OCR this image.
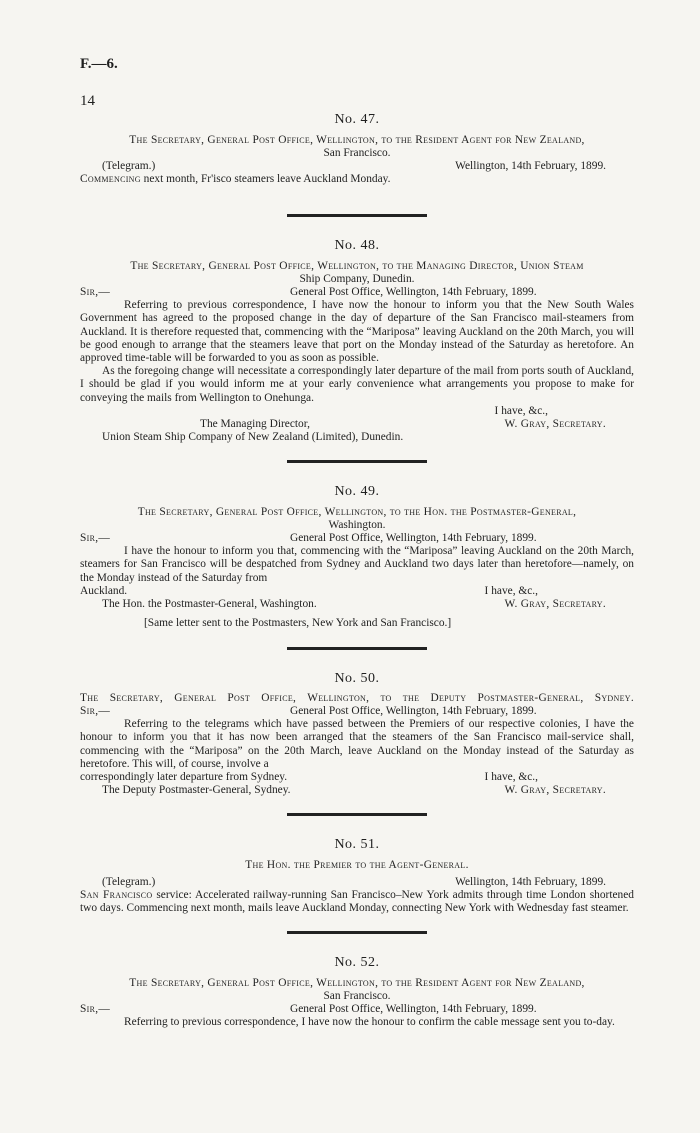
F.—6.
14
No. 47.
The Secretary, General Post Office, Wellington, to the Resident Agent for New Zealand,
San Francisco.
(Telegram.)	Wellington, 14th February, 1899.
Commencing next month, Fr'isco steamers leave Auckland Monday.
No. 48.
The Secretary, General Post Office, Wellington, to the Managing Director, Union Steam
Ship Company, Dunedin.
Sir,—	General Post Office, Wellington, 14th February, 1899.
Referring to previous correspondence, I have now the honour to inform you that the New South Wales Government has agreed to the proposed change in the day of departure of the San Francisco mail-steamers from Auckland. It is therefore requested that, commencing with the “Mariposa” leaving Auckland on the 20th March, you will be good enough to arrange that the steamers leave that port on the Monday instead of the Saturday as heretofore. An approved time-table will be forwarded to you as soon as possible.
As the foregoing change will necessitate a correspondingly later departure of the mail from ports south of Auckland, I should be glad if you would inform me at your early convenience what arrangements you propose to make for conveying the mails from Wellington to Onehunga.
I have, &c.,
The Managing Director,	W. Gray, Secretary.
Union Steam Ship Company of New Zealand (Limited), Dunedin.
No. 49.
The Secretary, General Post Office, Wellington, to the Hon. the Postmaster-General,
Washington.
Sir,—	General Post Office, Wellington, 14th February, 1899.
I have the honour to inform you that, commencing with the “Mariposa” leaving Auckland on the 20th March, steamers for San Francisco will be despatched from Sydney and Auckland two days later than heretofore—namely, on the Monday instead of the Saturday from
Auckland.	I have, &c.,
The Hon. the Postmaster-General, Washington.	W. Gray, Secretary.
[Same letter sent to the Postmasters, New York and San Francisco.]
No. 50.
The Secretary, General Post Office, Wellington, to the Deputy Postmaster-General, Sydney.
Sir,—	General Post Office, Wellington, 14th February, 1899.
Referring to the telegrams which have passed between the Premiers of our respective colonies, I have the honour to inform you that it has now been arranged that the steamers of the San Francisco mail-service shall, commencing with the “Mariposa” on the 20th March, leave Auckland on the Monday instead of the Saturday as heretofore. This will, of course, involve a
correspondingly later departure from Sydney.	I have, &c.,
The Deputy Postmaster-General, Sydney.	W. Gray, Secretary.
No. 51.
The Hon. the Premier to the Agent-General.
(Telegram.)	Wellington, 14th February, 1899.
San Francisco service: Accelerated railway-running San Francisco–New York admits through time London shortened two days. Commencing next month, mails leave Auckland Monday, connecting New York with Wednesday fast steamer.
No. 52.
The Secretary, General Post Office, Wellington, to the Resident Agent for New Zealand,
San Francisco.
Sir,—	General Post Office, Wellington, 14th February, 1899.
Referring to previous correspondence, I have now the honour to confirm the cable message sent you to-day.
